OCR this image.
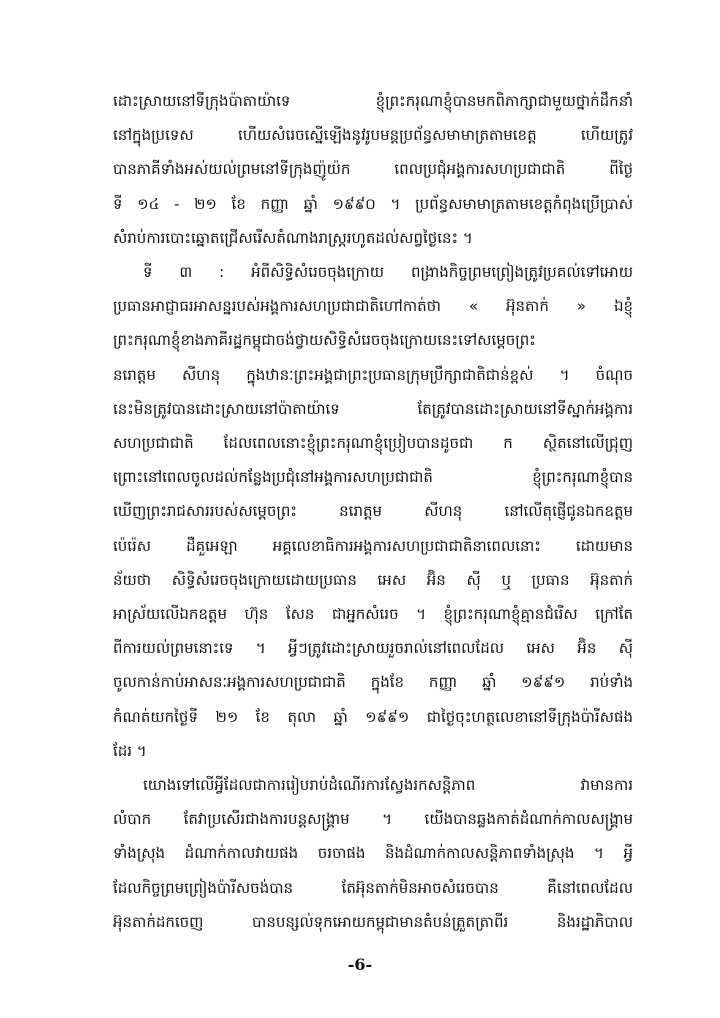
ដោះស្រាយនៅទីក្រុងប៉ាតាយ៉ាទេ ខ្ញុំព្រះករុណាខ្ញុំបានមកពិភាក្សាជាមួយថ្នាក់ដឹកនាំ
នៅក្នុងប្រទេស ហើយសំរេចស្នើឡើងនូវរូបមន្តប្រព័ន្ធសមាមាត្រតាមខេត្ត ហើយត្រូវ
បានភាគីទាំងអស់យល់ព្រមនៅទីក្រុងញ៉ូយ៉ក ពេលប្រជុំអង្គការសហប្រជាជាតិ ពីថ្ងៃ
ទី ១៤ - ២១ ខែ កញ្ញា ឆ្នាំ ១៩៩០ ។ ប្រព័ន្ធសមាមាត្រតាមខេត្តកំពុងប្រើប្រាស់
សំរាប់ការបោះឆ្នោតជ្រើសរើសតំណាងរាស្ត្ររហូតដល់សព្វថ្ងៃនេះ ។
ទី ៣ : អំពីសិទ្ធិសំរេចចុងក្រោយ ពង្រាងកិច្ចព្រមព្រៀងត្រូវប្រគល់ទៅអោយ
ប្រធានអាជ្ញាធរអាសន្នរបស់អង្គការសហប្រជាជាតិហៅកាត់ថា « អ៊ុនតាក់ » ឯខ្ញុំ
ព្រះករុណាខ្ញុំខាងភាគីរដ្ឋកម្ពុជាចង់ថ្វាយសិទ្ធិសំរេចចុងក្រោយនេះទៅសម្តេចព្រះ
នរោត្តម សីហនុ ក្នុងឋានៈព្រះអង្គជាព្រះប្រធានក្រុមប្រឹក្សាជាតិជាន់ខ្ពស់ ។ ចំណុច
នេះមិនត្រូវបានដោះស្រាយនៅប៉ាតាយ៉ាទេ តែត្រូវបានដោះស្រាយនៅទីស្នាក់អង្គការ
សហប្រជាជាតិ ដែលពេលនោះខ្ញុំព្រះករុណាខ្ញុំប្រៀបបានដូចជា ក ស្ថិតនៅលើជ្រុញ
ព្រោះនៅពេលចូលដល់កន្លែងប្រជុំនៅអង្គការសហប្រជាជាតិ ខ្ញុំព្រះករុណាខ្ញុំបាន
ឃើញព្រះរាជសាររបស់សម្តេចព្រះ នរោត្តម សីហនុ នៅលើតុផ្ញើជូនឯកឧត្តម
ប៉េរ៉េស ដឺគួអេឡា អគ្គលេខាធិការអង្គការសហប្រជាជាតិនាពេលនោះ ដោយមាន
ន័យថា សិទ្ធិសំរេចចុងក្រោយដោយប្រធាន អេស អ៊ិន ស៊ី ឬ ប្រធាន អ៊ុនតាក់
អាស្រ័យលើឯកឧត្តម ហ៊ុន សែន ជាអ្នកសំរេច ។ ខ្ញុំព្រះករុណាខ្ញុំគ្មានជំរើស ក្រៅតែ
ពីការយល់ព្រមនោះទេ ។ អ្វីៗត្រូវដោះស្រាយរួចរាល់នៅពេលដែល អេស អ៊ិន ស៊ី
ចូលកាន់កាប់អាសនៈអង្គការសហប្រជាជាតិ ក្នុងខែ កញ្ញា ឆ្នាំ ១៩៩១ រាប់ទាំង
កំណត់យកថ្ងៃទី ២១ ខែ តុលា ឆ្នាំ ១៩៩១ ជាថ្ងៃចុះហត្ថលេខានៅទីក្រុងប៉ារីសផង
ដែរ ។
យោងទៅលើអ្វីដែលជាការរៀបរាប់ដំណើរការស្វែងរកសន្តិភាព វាមានការ
លំបាក តែវាប្រសើរជាងការបន្តសង្គ្រាម ។ យើងបានឆ្លងកាត់ដំណាក់កាលសង្គ្រាម
ទាំងស្រុង ដំណាក់កាលវាយផង ចរចាផង និងដំណាក់កាលសន្តិភាពទាំងស្រុង ។ អ្វី
ដែលកិច្ចព្រមព្រៀងប៉ារីសចង់បាន តែអ៊ុនតាក់មិនអាចសំរេចបាន គឺនៅពេលដែល
អ៊ុនតាក់ដកចេញ បានបន្សល់ទុកអោយកម្ពុជាមានតំបន់ត្រួតត្រាពីរ និងរដ្ឋាភិបាល
-6-
